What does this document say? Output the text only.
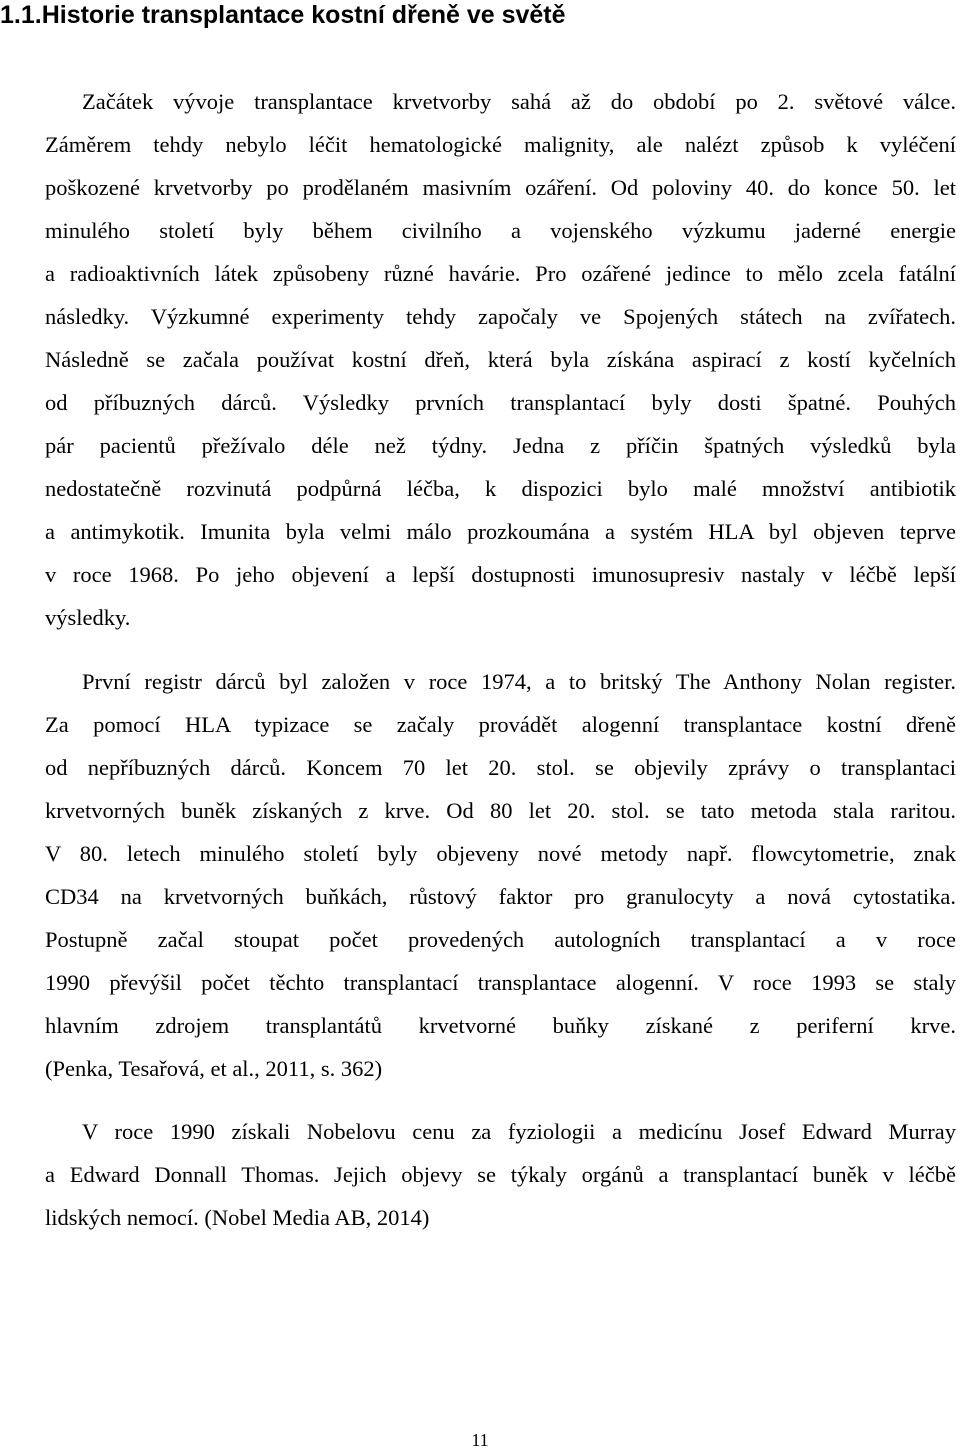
1.1.Historie transplantace kostní dřeně ve světě
Začátek vývoje transplantace krvetvorby sahá až do období po 2. světové válce.
Záměrem tehdy nebylo léčit hematologické malignity, ale nalézt způsob k vyléčení
poškozené krvetvorby po prodělaném masivním ozáření. Od poloviny 40. do konce 50. let
minulého století byly během civilního a vojenského výzkumu jaderné energie
a radioaktivních látek způsobeny různé havárie. Pro ozářené jedince to mělo zcela fatální
následky. Výzkumné experimenty tehdy započaly ve Spojených státech na zvířatech.
Následně se začala používat kostní dřeň, která byla získána aspirací z kostí kyčelních
od příbuzných dárců. Výsledky prvních transplantací byly dosti špatné. Pouhých
pár pacientů přežívalo déle než týdny. Jedna z příčin špatných výsledků byla
nedostatečně rozvinutá podpůrná léčba, k dispozici bylo malé množství antibiotik
a antimykotik. Imunita byla velmi málo prozkoumána a systém HLA byl objeven teprve
v roce 1968. Po jeho objevení a lepší dostupnosti imunosupresiv nastaly v léčbě lepší
výsledky.
První registr dárců byl založen v roce 1974, a to britský The Anthony Nolan register.
Za pomocí HLA typizace se začaly provádět alogenní transplantace kostní dřeně
od nepříbuzných dárců. Koncem 70 let 20. stol. se objevily zprávy o transplantaci
krvetvorných buněk získaných z krve. Od 80 let 20. stol. se tato metoda stala raritou.
V 80. letech minulého století byly objeveny nové metody např. flowcytometrie, znak
CD34 na krvetvorných buňkách, růstový faktor pro granulocyty a nová cytostatika.
Postupně začal stoupat počet provedených autologních transplantací a v roce
1990 převýšil počet těchto transplantací transplantace alogenní. V roce 1993 se staly
hlavním zdrojem transplantátů krvetvorné buňky získané z periferní krve.
(Penka, Tesařová, et al., 2011, s. 362)
V roce 1990 získali Nobelovu cenu za fyziologii a medicínu Josef Edward Murray
a Edward Donnall Thomas. Jejich objevy se týkaly orgánů a transplantací buněk v léčbě
lidských nemocí. (Nobel Media AB, 2014)
11
